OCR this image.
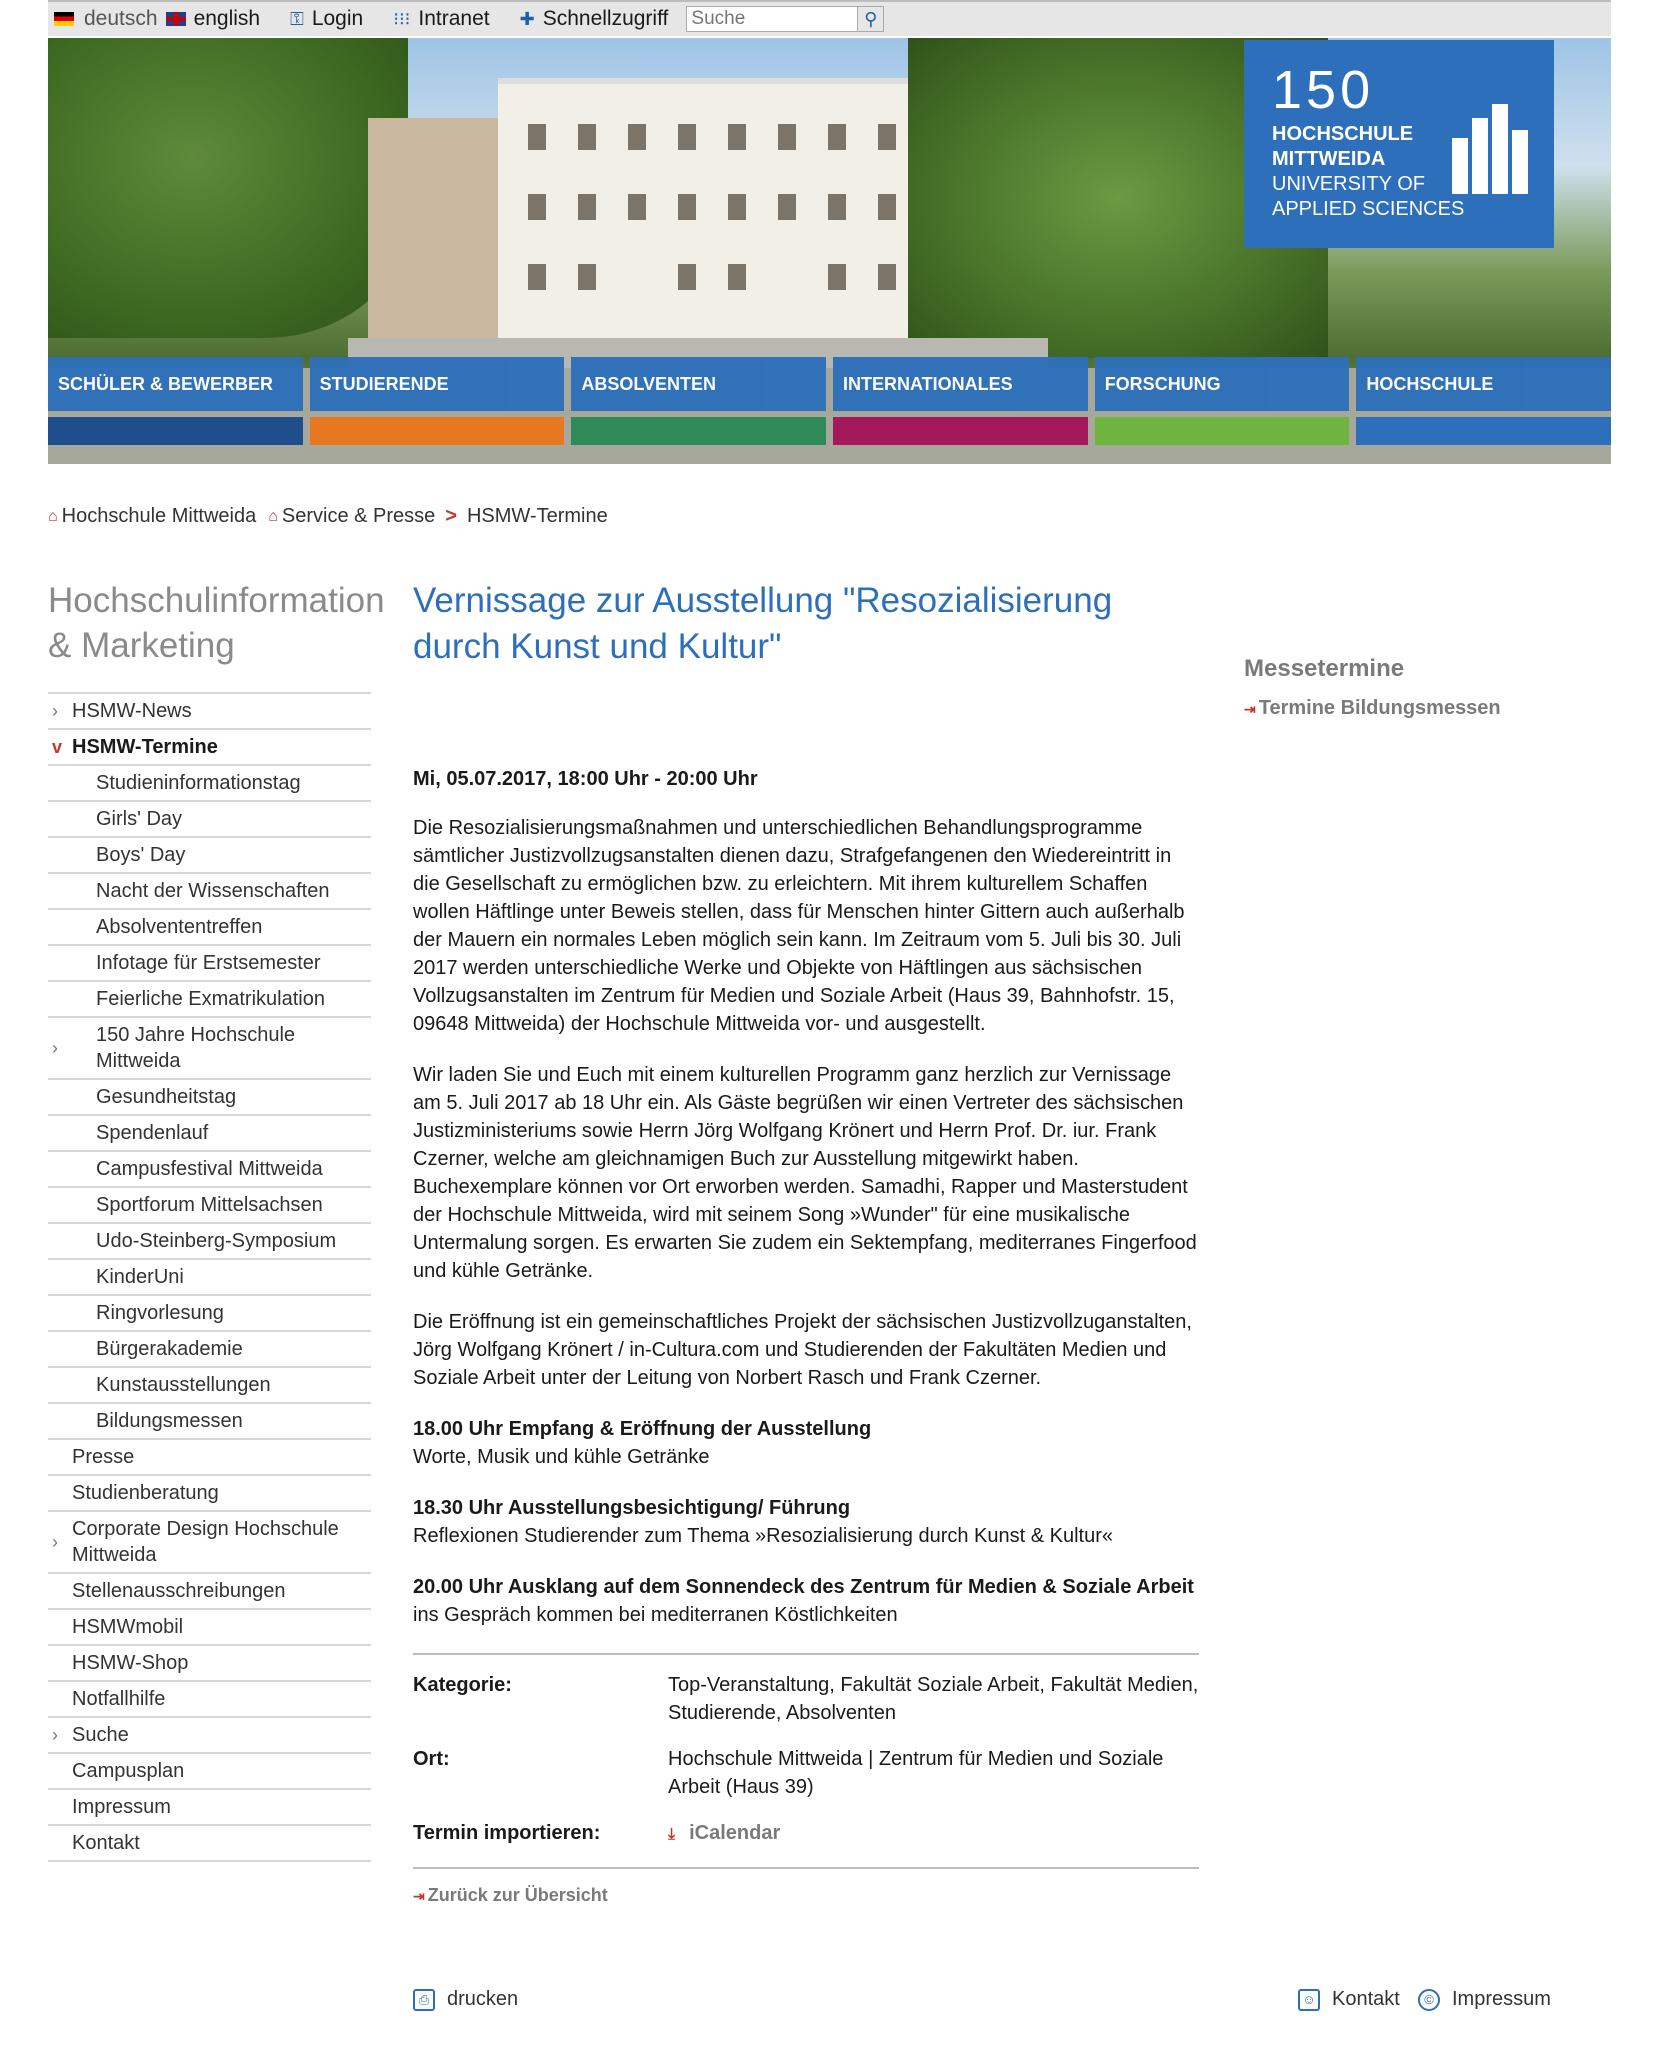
deutsch english ⚿ Login ⁝⁝⁝ Intranet ✚ Schnellzugriff
Suche	⚲
150
HOCHSCHULE
MITTWEIDA
UNIVERSITY OF
APPLIED SCIENCES
SCHÜLER & BEWERBER	STUDIERENDE	ABSOLVENTEN	INTERNATIONALES	FORSCHUNG	HOCHSCHULE
⌂ Hochschule Mittweida ⌂ Service & Presse > HSMW-Termine
Hochschulinformation & Marketing
› HSMW-News
v HSMW-Termine
Studieninformationstag
Girls' Day
Boys' Day
Nacht der Wissenschaften
Absolvententreffen
Infotage für Erstsemester
Feierliche Exmatrikulation
›
150 Jahre Hochschule Mittweida
Gesundheitstag
Spendenlauf
Campusfestival Mittweida
Sportforum Mittelsachsen
Udo-Steinberg-Symposium
KinderUni
Ringvorlesung
Bürgerakademie
Kunstausstellungen
Bildungsmessen
Presse
Studienberatung
›
Corporate Design Hochschule Mittweida
Stellenausschreibungen
HSMWmobil
HSMW-Shop
Notfallhilfe
› Suche
Campusplan
Impressum
Kontakt
Vernissage zur Ausstellung "Resozialisierung durch Kunst und Kultur"
Mi, 05.07.2017, 18:00 Uhr - 20:00 Uhr
Die Resozialisierungsmaßnahmen und unterschiedlichen Behandlungsprogramme sämtlicher Justizvollzugsanstalten dienen dazu, Strafgefangenen den Wiedereintritt in die Gesellschaft zu ermöglichen bzw. zu erleichtern. Mit ihrem kulturellem Schaffen wollen Häftlinge unter Beweis stellen, dass für Menschen hinter Gittern auch außerhalb der Mauern ein normales Leben möglich sein kann. Im Zeitraum vom 5. Juli bis 30. Juli 2017 werden unterschiedliche Werke und Objekte von Häftlingen aus sächsischen Vollzugsanstalten im Zentrum für Medien und Soziale Arbeit (Haus 39, Bahnhofstr. 15, 09648 Mittweida) der Hochschule Mittweida vor- und ausgestellt.
Wir laden Sie und Euch mit einem kulturellen Programm ganz herzlich zur Vernissage am 5. Juli 2017 ab 18 Uhr ein. Als Gäste begrüßen wir einen Vertreter des sächsischen Justizministeriums sowie Herrn Jörg Wolfgang Krönert und Herrn Prof. Dr. iur. Frank Czerner, welche am gleichnamigen Buch zur Ausstellung mitgewirkt haben. Buchexemplare können vor Ort erworben werden. Samadhi, Rapper und Masterstudent der Hochschule Mittweida, wird mit seinem Song »Wunder" für eine musikalische Untermalung sorgen. Es erwarten Sie zudem ein Sektempfang, mediterranes Fingerfood und kühle Getränke.
Die Eröffnung ist ein gemeinschaftliches Projekt der sächsischen Justizvollzuganstalten, Jörg Wolfgang Krönert / in-Cultura.com und Studierenden der Fakultäten Medien und Soziale Arbeit unter der Leitung von Norbert Rasch und Frank Czerner.
18.00 Uhr Empfang & Eröffnung der Ausstellung
Worte, Musik und kühle Getränke
18.30 Uhr Ausstellungsbesichtigung/ Führung
Reflexionen Studierender zum Thema »Resozialisierung durch Kunst & Kultur«
20.00 Uhr Ausklang auf dem Sonnendeck des Zentrum für Medien & Soziale Arbeit
ins Gespräch kommen bei mediterranen Köstlichkeiten
Kategorie:	Top-Veranstaltung, Fakultät Soziale Arbeit, Fakultät Medien, Studierende, Absolventen
Ort:	Hochschule Mittweida | Zentrum für Medien und Soziale Arbeit (Haus 39)
Termin importieren:	⤓ iCalendar
⇥ Zurück zur Übersicht
Messetermine
⇥ Termine Bildungsmessen
⎙ drucken	☺ Kontakt	© Impressum
